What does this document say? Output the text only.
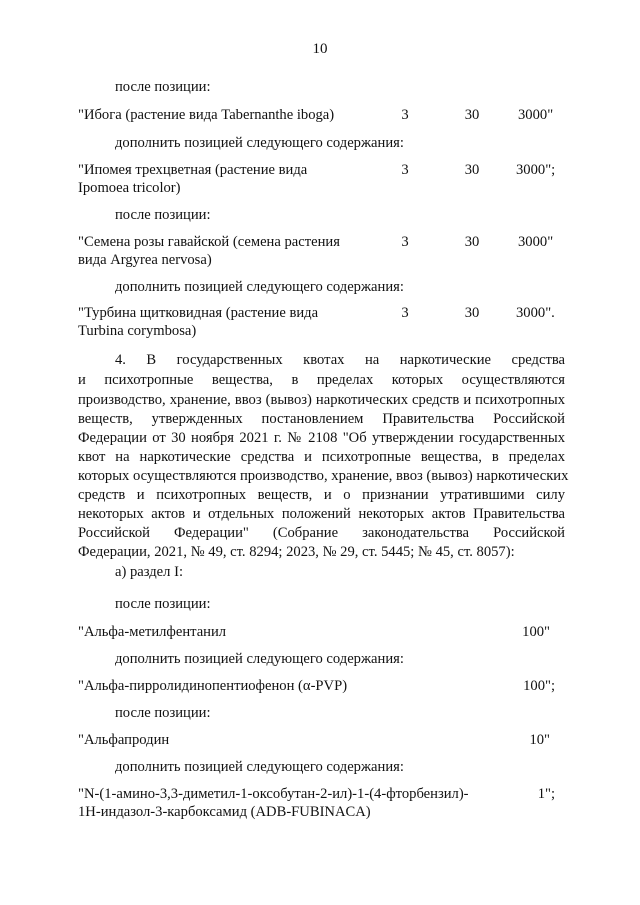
10
после позиции:
"Ибога (растение вида Tabernanthe iboga)	3	30	3000"
дополнить позицией следующего содержания:
"Ипомея трехцветная (растение вида
Ipomoea tricolor)
3	30	3000";
после позиции:
"Семена розы гавайской (семена растения
вида Argyrea nervosa)
3	30	3000"
дополнить позицией следующего содержания:
"Турбина щитковидная (растение вида
Turbina corymbosa)
3	30	3000".
4. В государственных квотах на наркотические средства
и психотропные вещества, в пределах которых осуществляются
производство, хранение, ввоз (вывоз) наркотических средств и психотропных
веществ, утвержденных постановлением Правительства Российской
Федерации от 30 ноября 2021 г. № 2108 "Об утверждении государственных
квот на наркотические средства и психотропные вещества, в пределах
которых осуществляются производство, хранение, ввоз (вывоз) наркотических
средств и психотропных веществ, и о признании утратившими силу
некоторых актов и отдельных положений некоторых актов Правительства
Российской Федерации" (Собрание законодательства Российской
Федерации, 2021, № 49, ст. 8294; 2023, № 29, ст. 5445; № 45, ст. 8057):
а) раздел I:
после позиции:
"Альфа-метилфентанил	100"
дополнить позицией следующего содержания:
"Альфа-пирролидинопентиофенон (α-PVP)	100";
после позиции:
"Альфапродин	10"
дополнить позицией следующего содержания:
"N-(1-амино-3,3-диметил-1-оксобутан-2-ил)-1-(4-фторбензил)-
1H-индазол-3-карбоксамид (ADB-FUBINACA)
1";
